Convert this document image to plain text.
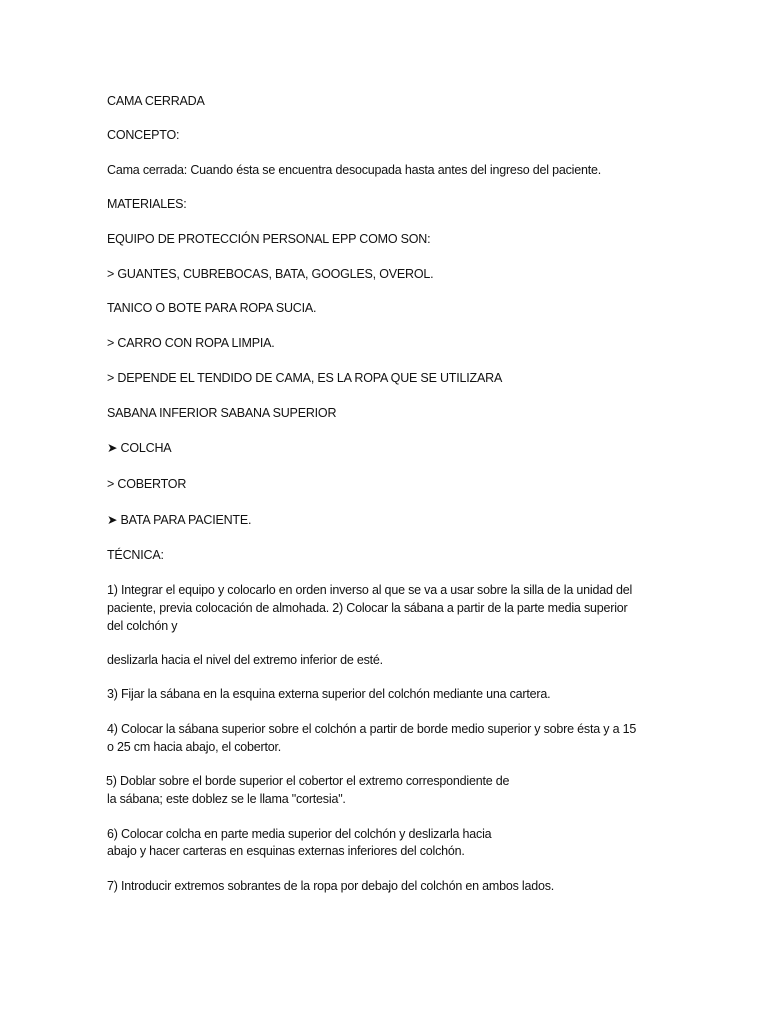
CAMA CERRADA
CONCEPTO:
Cama cerrada: Cuando ésta se encuentra desocupada hasta antes del ingreso del paciente.
MATERIALES:
EQUIPO DE PROTECCIÓN PERSONAL EPP COMO SON:
> GUANTES, CUBREBOCAS, BATA, GOOGLES, OVEROL.
TANICO O BOTE PARA ROPA SUCIA.
> CARRO CON ROPA LIMPIA.
> DEPENDE EL TENDIDO DE CAMA, ES LA ROPA QUE SE UTILIZARA
SABANA INFERIOR SABANA SUPERIOR
➤ COLCHA
> COBERTOR
➤ BATA PARA PACIENTE.
TÉCNICA:
1) Integrar el equipo y colocarlo en orden inverso al que se va a usar sobre la silla de la unidad del
paciente, previa colocación de almohada. 2) Colocar la sábana a partir de la parte media superior
del colchón y
deslizarla hacia el nivel del extremo inferior de esté.
3) Fijar la sábana en la esquina externa superior del colchón mediante una cartera.
4) Colocar la sábana superior sobre el colchón a partir de borde medio superior y sobre ésta y a 15
o 25 cm hacia abajo, el cobertor.
5) Doblar sobre el borde superior el cobertor el extremo correspondiente de
la sábana; este doblez se le llama "cortesia".
6) Colocar colcha en parte media superior del colchón y deslizarla hacia
abajo y hacer carteras en esquinas externas inferiores del colchón.
7) Introducir extremos sobrantes de la ropa por debajo del colchón en ambos lados.
